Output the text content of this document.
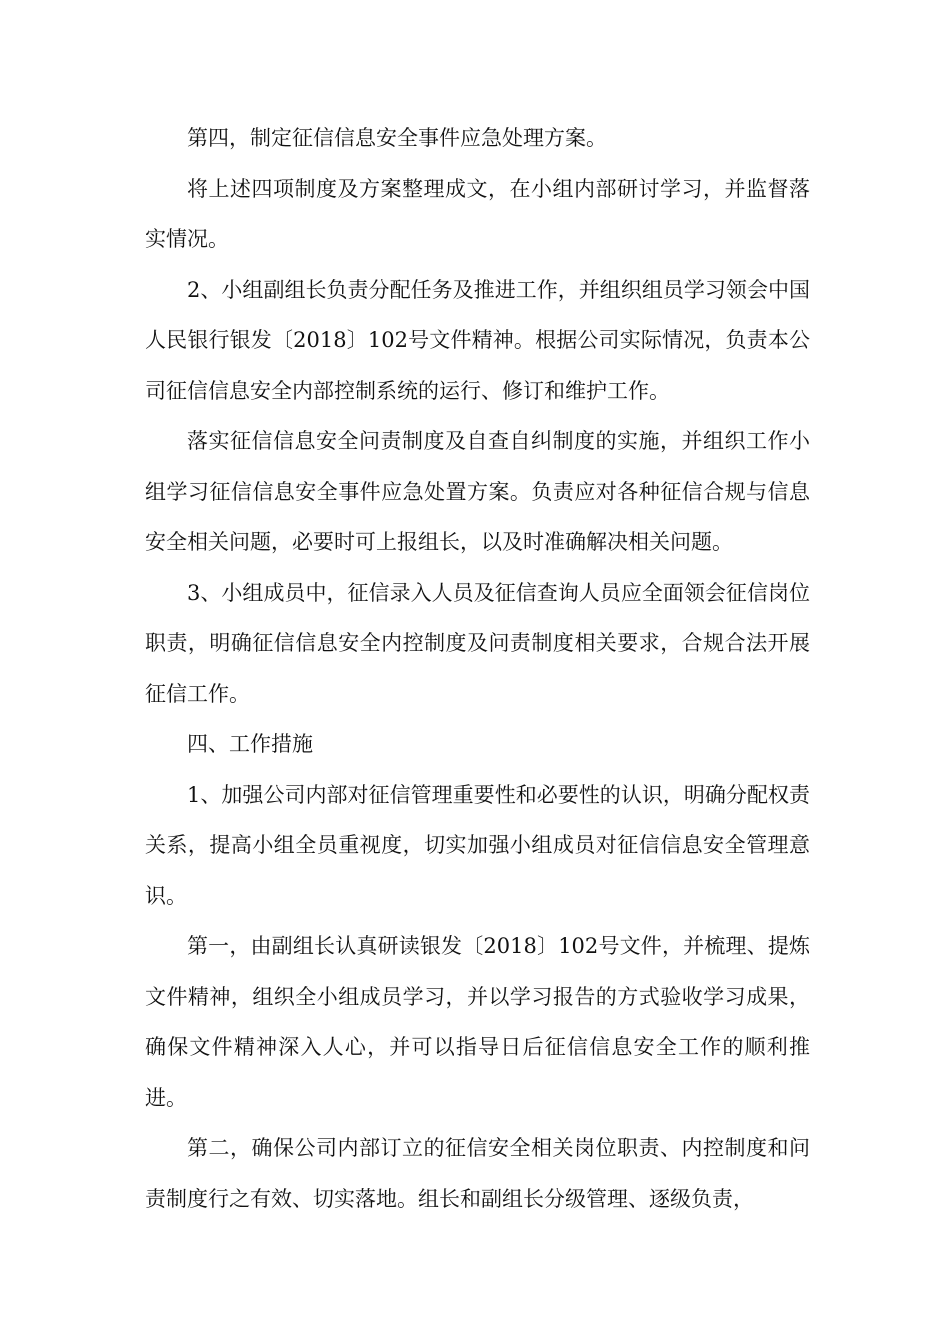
第四，制定征信信息安全事件应急处理方案。

将上述四项制度及方案整理成文，在小组内部研讨学习，并监督落实情况。

2、小组副组长负责分配任务及推进工作，并组织组员学习领会中国人民银行银发〔2018〕102号文件精神。根据公司实际情况，负责本公司征信信息安全内部控制系统的运行、修订和维护工作。

落实征信信息安全问责制度及自查自纠制度的实施，并组织工作小组学习征信信息安全事件应急处置方案。负责应对各种征信合规与信息安全相关问题，必要时可上报组长，以及时准确解决相关问题。

3、小组成员中，征信录入人员及征信查询人员应全面领会征信岗位职责，明确征信信息安全内控制度及问责制度相关要求，合规合法开展征信工作。

四、工作措施

1、加强公司内部对征信管理重要性和必要性的认识，明确分配权责关系，提高小组全员重视度，切实加强小组成员对征信信息安全管理意识。

第一，由副组长认真研读银发〔2018〕102号文件，并梳理、提炼文件精神，组织全小组成员学习，并以学习报告的方式验收学习成果，确保文件精神深入人心，并可以指导日后征信信息安全工作的顺利推进。

第二，确保公司内部订立的征信安全相关岗位职责、内控制度和问责制度行之有效、切实落地。组长和副组长分级管理、逐级负责，
